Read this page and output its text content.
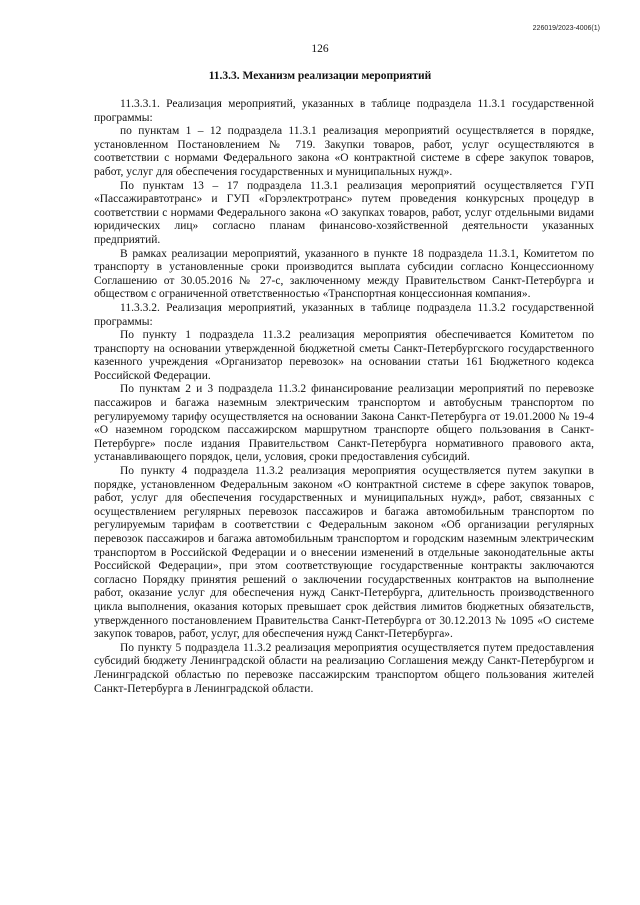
226019/2023-4006(1)
126
11.3.3. Механизм реализации мероприятий

11.3.3.1. Реализация мероприятий, указанных в таблице подраздела 11.3.1 государственной программы:

по пунктам 1 – 12 подраздела 11.3.1 реализация мероприятий осуществляется в порядке, установленном Постановлением № 719. Закупки товаров, работ, услуг осуществляются в соответствии с нормами Федерального закона «О контрактной системе в сфере закупок товаров, работ, услуг для обеспечения государственных и муниципальных нужд».

По пунктам 13 – 17 подраздела 11.3.1 реализация мероприятий осуществляется ГУП «Пассажиравтотранс» и ГУП «Горэлектротранс» путем проведения конкурсных процедур в соответствии с нормами Федерального закона «О закупках товаров, работ, услуг отдельными видами юридических лиц» согласно планам финансово-хозяйственной деятельности указанных предприятий.

В рамках реализации мероприятий, указанного в пункте 18 подраздела 11.3.1, Комитетом по транспорту в установленные сроки производится выплата субсидии согласно Концессионному Соглашению от 30.05.2016 № 27-с, заключенному между Правительством Санкт-Петербурга и обществом с ограниченной ответственностью «Транспортная концессионная компания».

11.3.3.2. Реализация мероприятий, указанных в таблице подраздела 11.3.2 государственной программы:

По пункту 1 подраздела 11.3.2 реализация мероприятия обеспечивается Комитетом по транспорту на основании утвержденной бюджетной сметы Санкт-Петербургского государственного казенного учреждения «Организатор перевозок» на основании статьи 161 Бюджетного кодекса Российской Федерации.

По пунктам 2 и 3 подраздела 11.3.2 финансирование реализации мероприятий по перевозке пассажиров и багажа наземным электрическим транспортом и автобусным транспортом по регулируемому тарифу осуществляется на основании Закона Санкт-Петербурга от 19.01.2000 № 19-4 «О наземном городском пассажирском маршрутном транспорте общего пользования в Санкт-Петербурге» после издания Правительством Санкт-Петербурга нормативного правового акта, устанавливающего порядок, цели, условия, сроки предоставления субсидий.

По пункту 4 подраздела 11.3.2 реализация мероприятия осуществляется путем закупки в порядке, установленном Федеральным законом «О контрактной системе в сфере закупок товаров, работ, услуг для обеспечения государственных и муниципальных нужд», работ, связанных с осуществлением регулярных перевозок пассажиров и багажа автомобильным транспортом по регулируемым тарифам в соответствии с Федеральным законом «Об организации регулярных перевозок пассажиров и багажа автомобильным транспортом и городским наземным электрическим транспортом в Российской Федерации и о внесении изменений в отдельные законодательные акты Российской Федерации», при этом соответствующие государственные контракты заключаются согласно Порядку принятия решений о заключении государственных контрактов на выполнение работ, оказание услуг для обеспечения нужд Санкт-Петербурга, длительность производственного цикла выполнения, оказания которых превышает срок действия лимитов бюджетных обязательств, утвержденного постановлением Правительства Санкт-Петербурга от 30.12.2013 № 1095 «О системе закупок товаров, работ, услуг, для обеспечения нужд Санкт-Петербурга».

По пункту 5 подраздела 11.3.2 реализация мероприятия осуществляется путем предоставления субсидий бюджету Ленинградской области на реализацию Соглашения между Санкт-Петербургом и Ленинградской областью по перевозке пассажирским транспортом общего пользования жителей Санкт-Петербурга в Ленинградской области.
